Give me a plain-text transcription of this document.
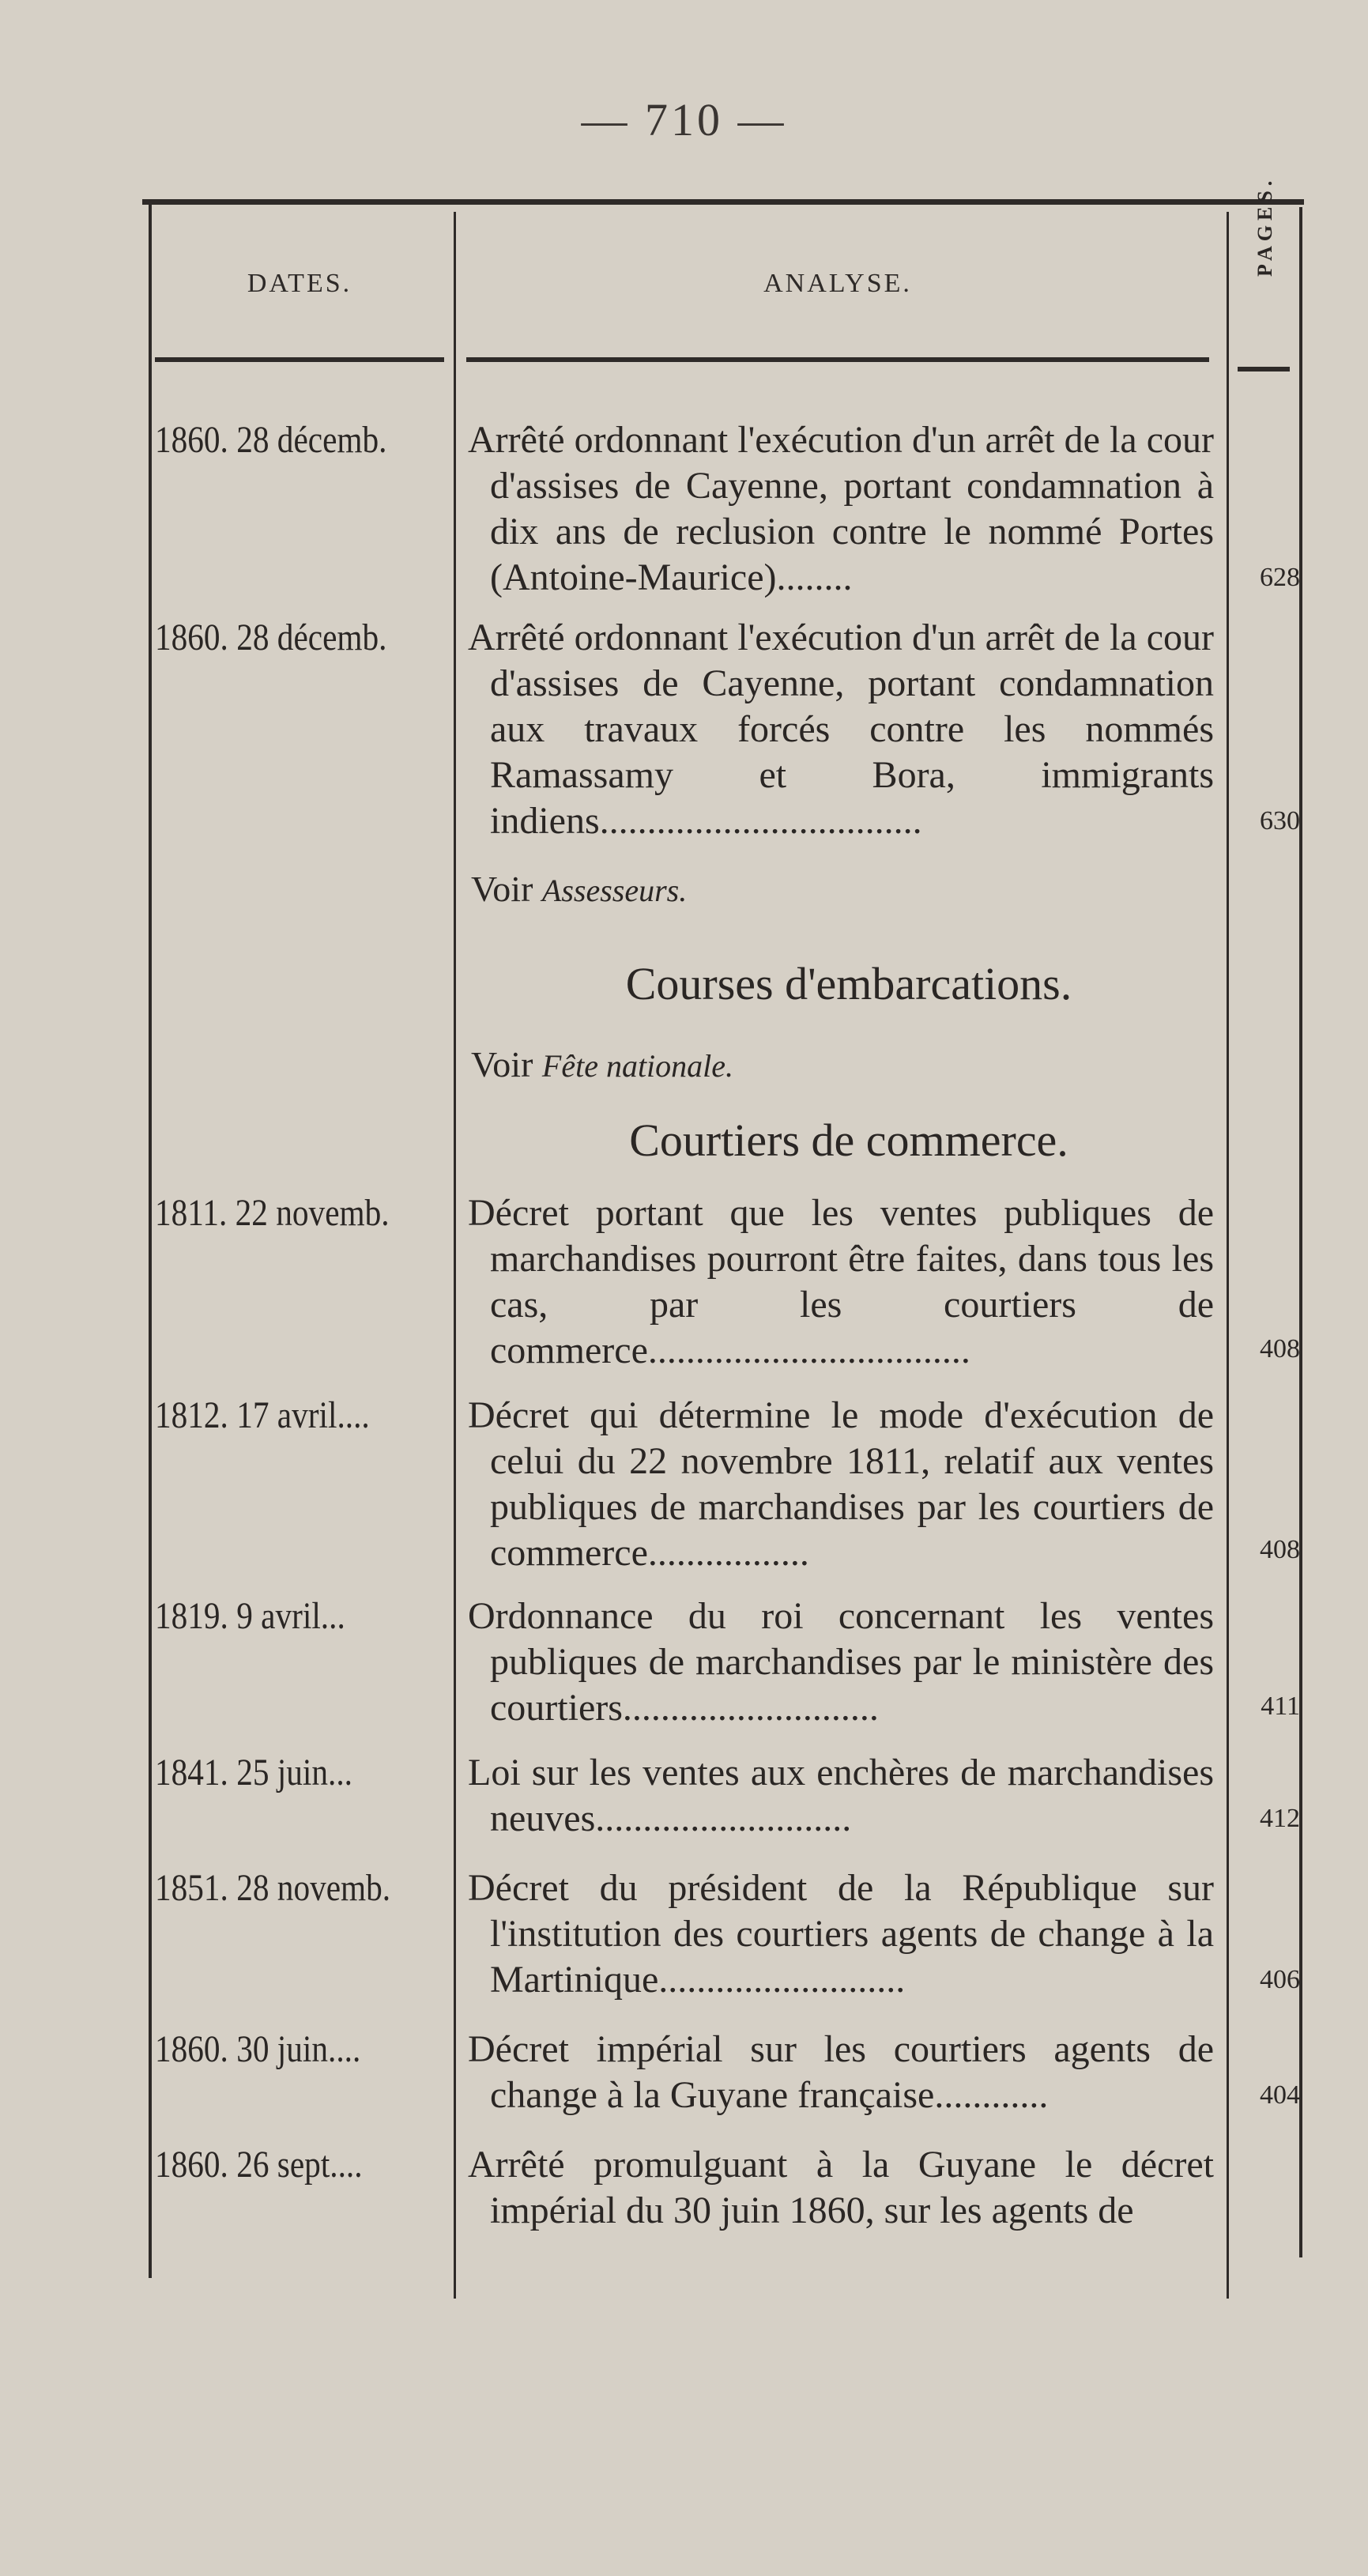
— 710 —
DATES.	ANALYSE.
PAGES.
1860. 28 décemb.	Arrêté ordonnant l'exécution d'un arrêt de la cour d'assises de Cayenne, portant condamnation à dix ans de reclusion contre le nommé Portes (Antoine-Maurice)........	628
1860. 28 décemb.	Arrêté ordonnant l'exécution d'un arrêt de la cour d'assises de Cayenne, portant condamnation aux travaux forcés contre les nommés Ramassamy et Bora, immigrants indiens..................................	630
Voir Assesseurs.
Courses d'embarcations.
Voir Fête nationale.
Courtiers de commerce.
1811. 22 novemb.	Décret portant que les ventes publiques de marchandises pourront être faites, dans tous les cas, par les courtiers de commerce..................................	408
1812. 17 avril....	Décret qui détermine le mode d'exécution de celui du 22 novembre 1811, relatif aux ventes publiques de marchandises par les courtiers de commerce.................	408
1819. 9 avril...	Ordonnance du roi concernant les ventes publiques de marchandises par le ministère des courtiers...........................	411
1841. 25 juin...	Loi sur les ventes aux enchères de marchandises neuves...........................	412
1851. 28 novemb. Décret du président de la République sur l'institution des courtiers agents de change à la Martinique..........................	406
1860. 30 juin....	Décret impérial sur les courtiers agents de change à la Guyane française............	404
1860. 26 sept....	Arrêté promulguant à la Guyane le décret impérial du 30 juin 1860, sur les agents de
